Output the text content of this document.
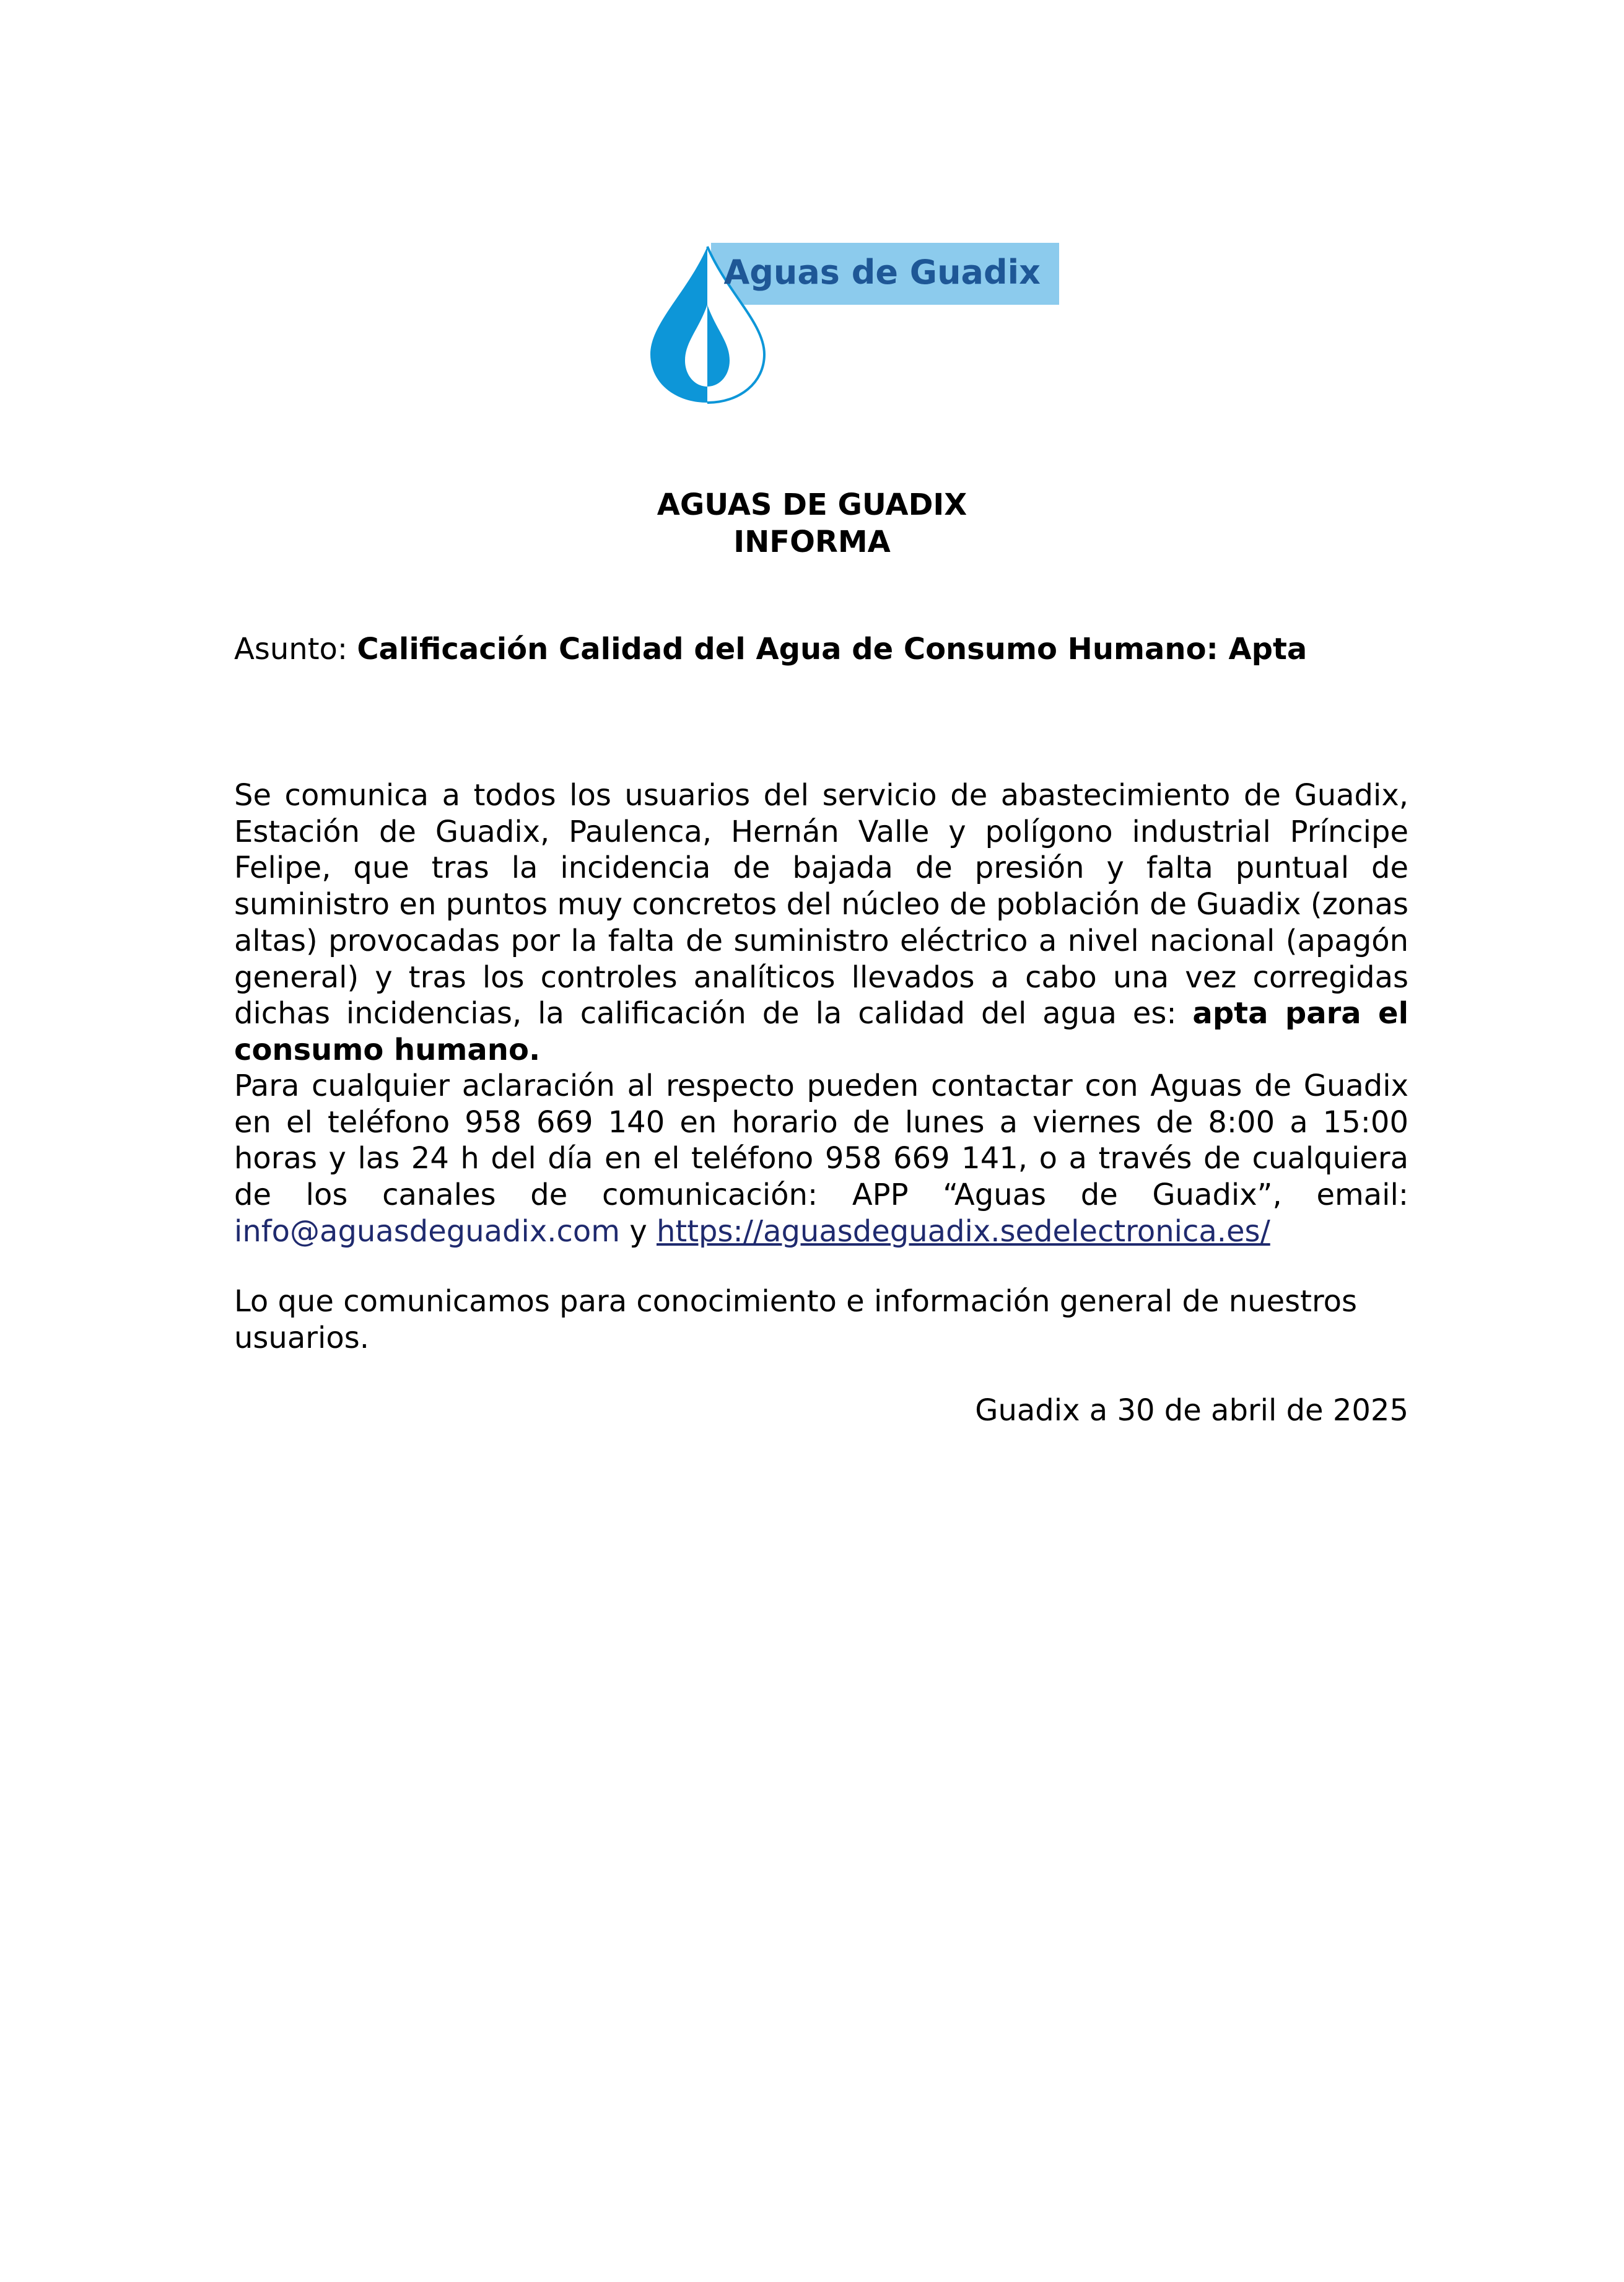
Aguas de Guadix
AGUAS DE GUADIX
INFORMA
Asunto: Calificación Calidad del Agua de Consumo Humano: Apta
Se comunica a todos los usuarios del servicio de abastecimiento de Guadix, Estación de Guadix, Paulenca, Hernán Valle y polígono industrial Príncipe Felipe, que tras la incidencia de bajada de presión y falta puntual de suministro en puntos muy concretos del núcleo de población de Guadix (zonas altas) provocadas por la falta de suministro eléctrico a nivel nacional (apagón general) y tras los controles analíticos llevados a cabo una vez corregidas dichas incidencias, la calificación de la calidad del agua es: apta para el consumo humano.
Para cualquier aclaración al respecto pueden contactar con Aguas de Guadix en el teléfono 958 669 140 en horario de lunes a viernes de 8:00 a 15:00 horas y las 24 h del día en el teléfono 958 669 141, o a través de cualquiera de los canales de comunicación: APP “Aguas de Guadix”, email: info@aguasdeguadix.com y https://aguasdeguadix.sedelectronica.es/
Lo que comunicamos para conocimiento e información general de nuestros usuarios.
Guadix a 30 de abril de 2025
